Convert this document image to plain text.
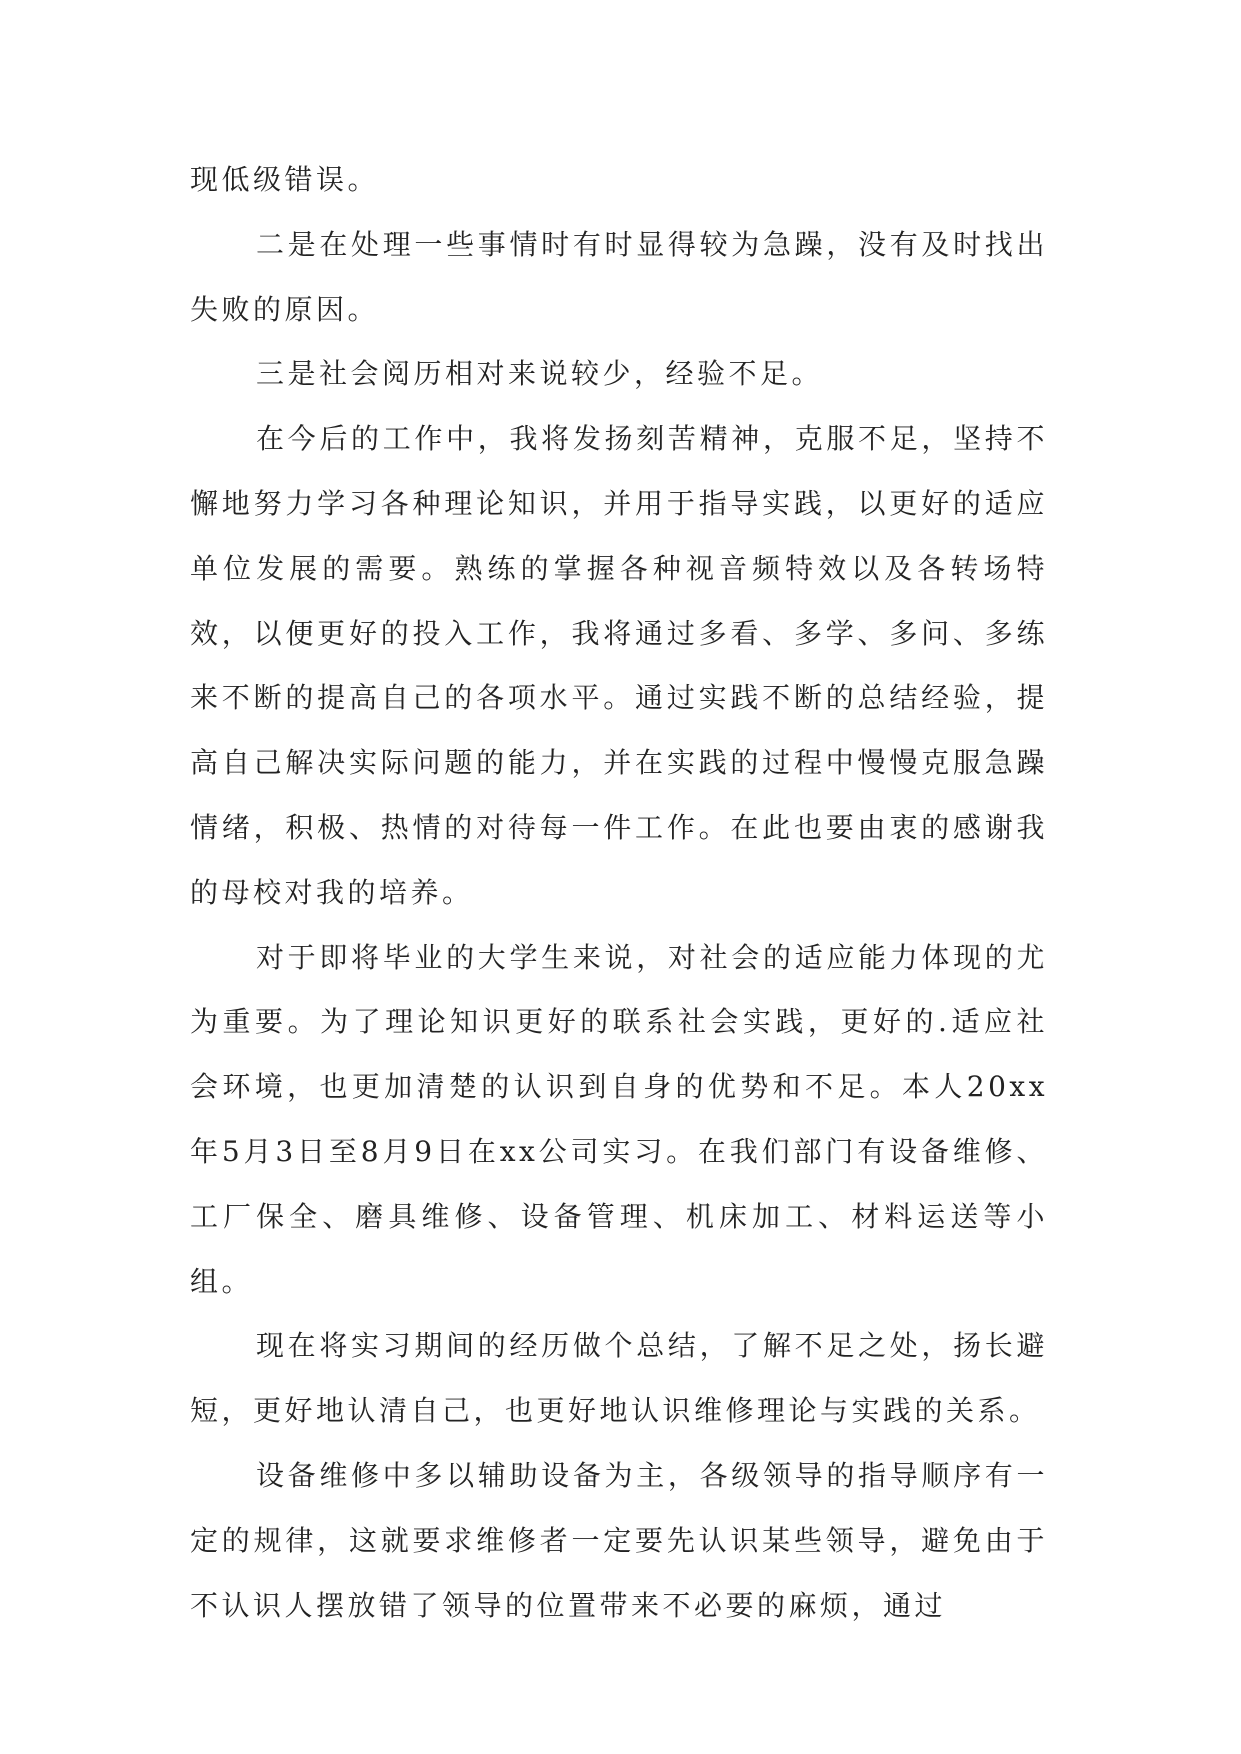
现低级错误。

二是在处理一些事情时有时显得较为急躁，没有及时找出失败的原因。

三是社会阅历相对来说较少，经验不足。

在今后的工作中，我将发扬刻苦精神，克服不足，坚持不懈地努力学习各种理论知识，并用于指导实践，以更好的适应单位发展的需要。熟练的掌握各种视音频特效以及各转场特效，以便更好的投入工作，我将通过多看、多学、多问、多练来不断的提高自己的各项水平。通过实践不断的总结经验，提高自己解决实际问题的能力，并在实践的过程中慢慢克服急躁情绪，积极、热情的对待每一件工作。在此也要由衷的感谢我的母校对我的培养。

对于即将毕业的大学生来说，对社会的适应能力体现的尤为重要。为了理论知识更好的联系社会实践，更好的.适应社会环境，也更加清楚的认识到自身的优势和不足。本人20xx年5月3日至8月9日在xx公司实习。在我们部门有设备维修、工厂保全、磨具维修、设备管理、机床加工、材料运送等小组。

现在将实习期间的经历做个总结，了解不足之处，扬长避短，更好地认清自己，也更好地认识维修理论与实践的关系。

设备维修中多以辅助设备为主，各级领导的指导顺序有一定的规律，这就要求维修者一定要先认识某些领导，避免由于不认识人摆放错了领导的位置带来不必要的麻烦，通过
